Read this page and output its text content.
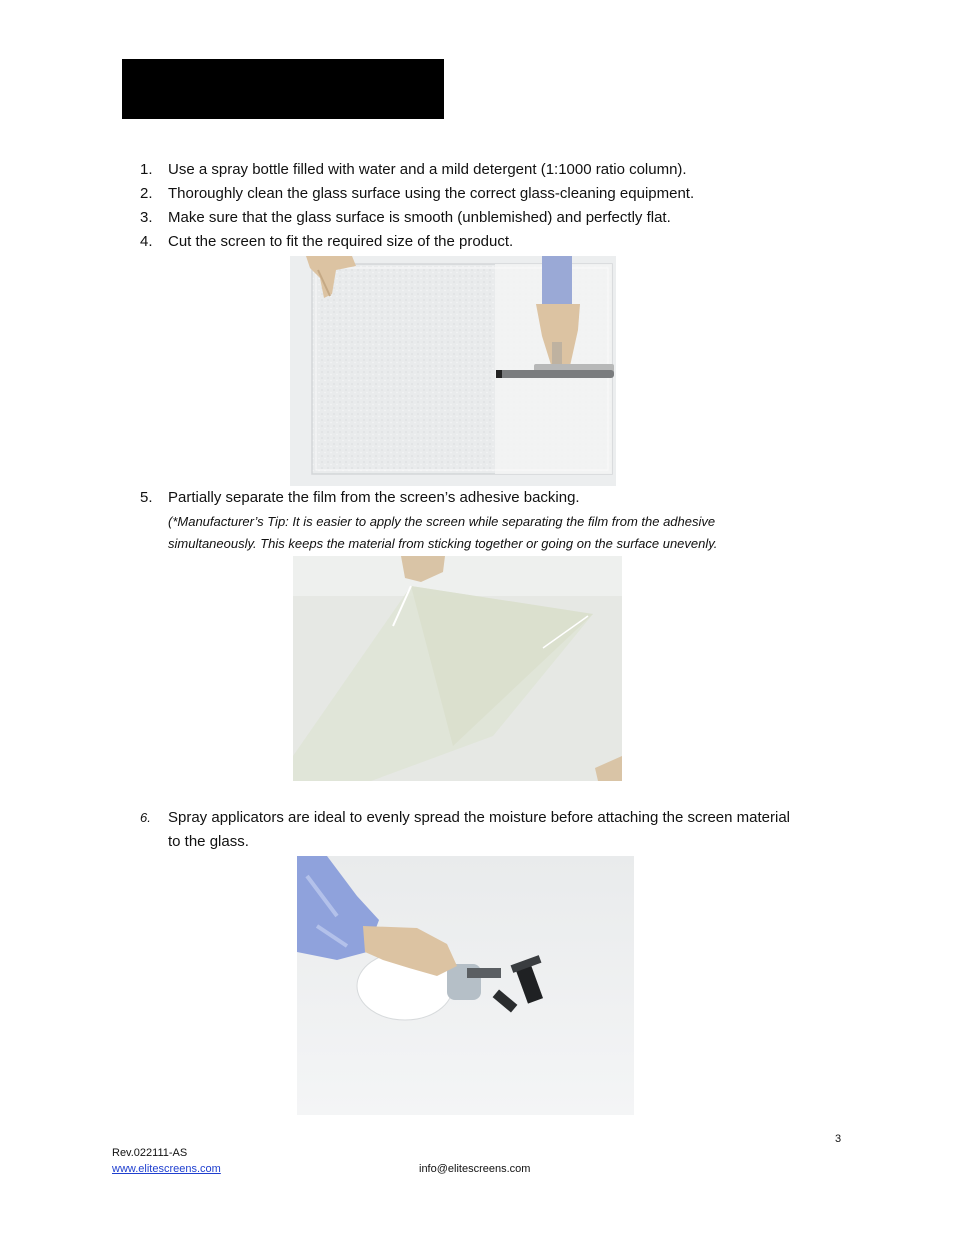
1. Use a spray bottle filled with water and a mild detergent (1:1000 ratio column).
2. Thoroughly clean the glass surface using the correct glass-cleaning equipment.
3. Make sure that the glass surface is smooth (unblemished) and perfectly flat.
4. Cut the screen to fit the required size of the product.
5. Partially separate the film from the screen’s adhesive backing.
(*Manufacturer’s Tip: It is easier to apply the screen while separating the film from the adhesive
simultaneously. This keeps the material from sticking together or going on the surface unevenly.
6. Spray applicators are ideal to evenly spread the moisture before attaching the screen material
to the glass.
3
Rev.022111-AS
www.elitescreens.com	info@elitescreens.com
